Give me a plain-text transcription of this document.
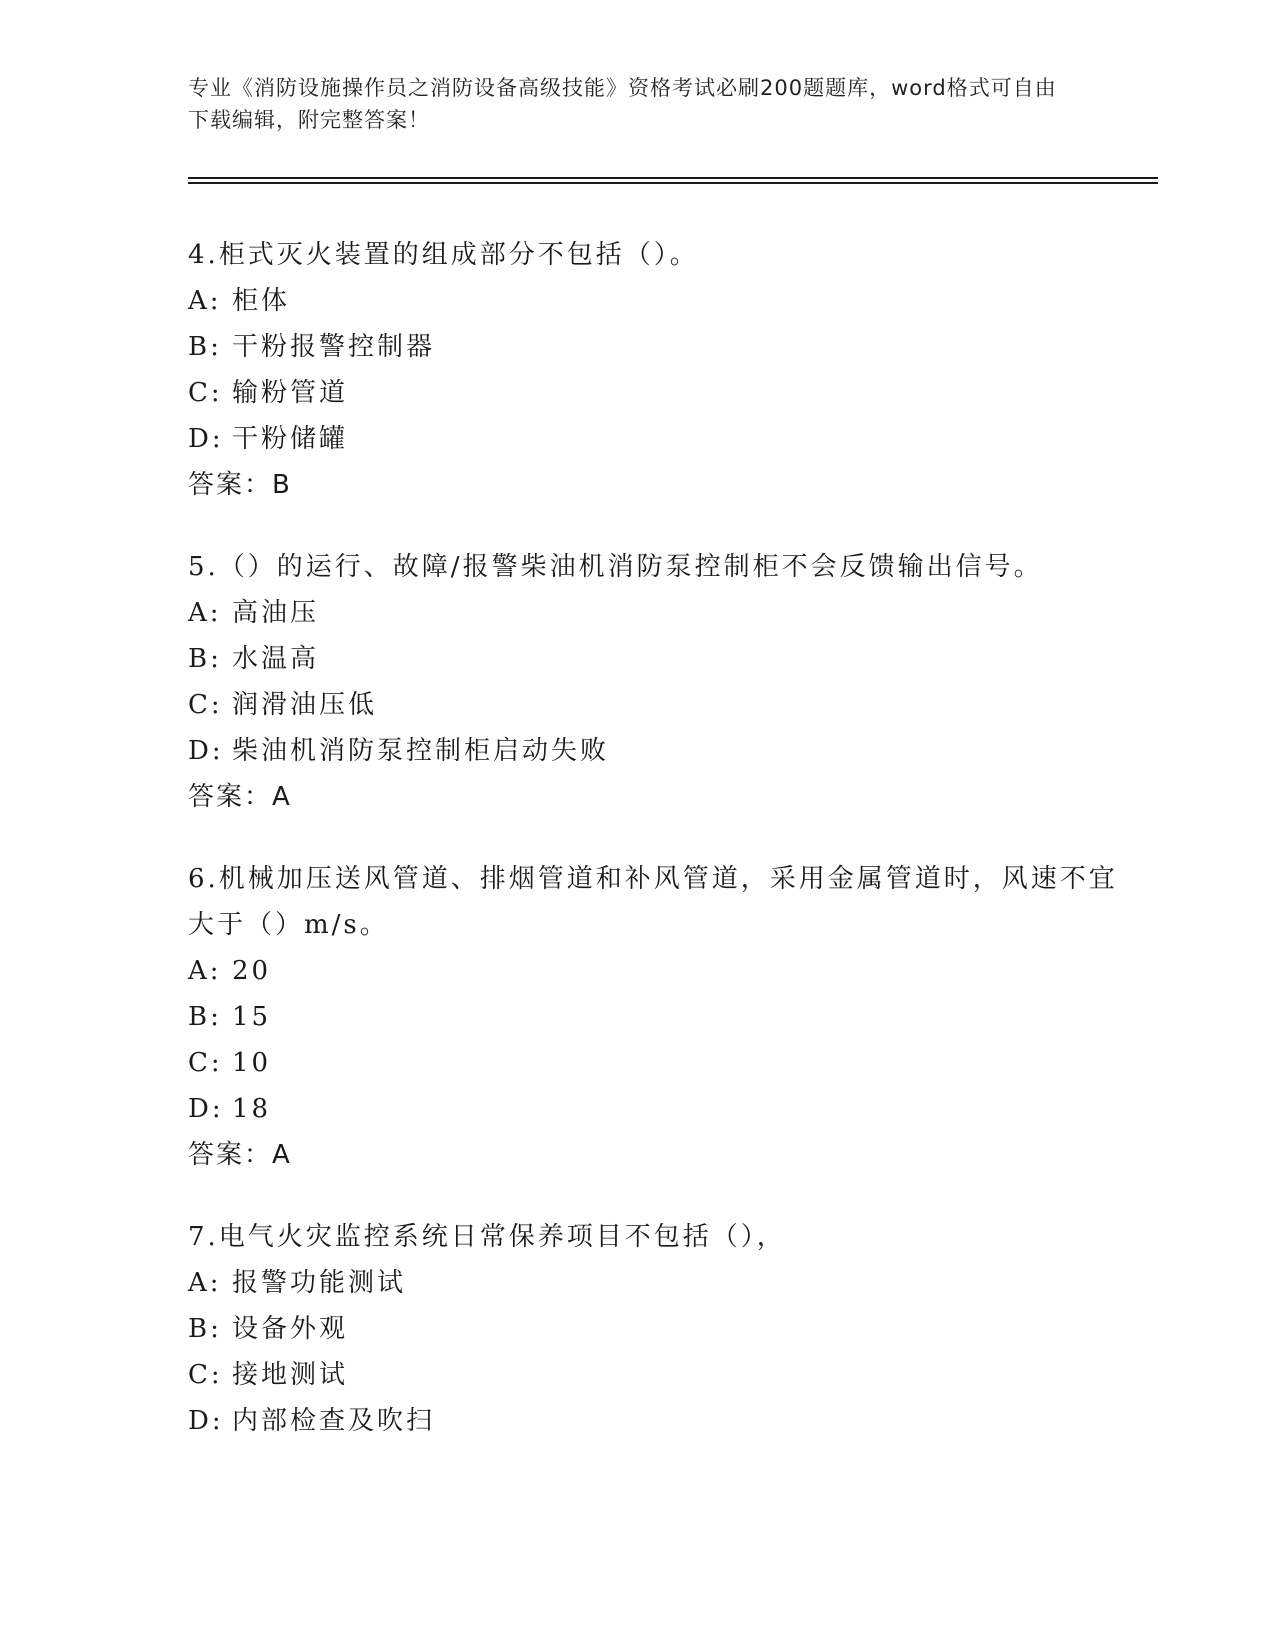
专业《消防设施操作员之消防设备高级技能》资格考试必刷200题题库，word格式可自由下载编辑，附完整答案！

4.柜式灭火装置的组成部分不包括（）。

A: 柜体

B: 干粉报警控制器

C: 输粉管道

D: 干粉储罐

答案：B

5.（）的运行、故障/报警柴油机消防泵控制柜不会反馈输出信号。

A: 高油压

B: 水温高

C: 润滑油压低

D: 柴油机消防泵控制柜启动失败

答案：A

6.机械加压送风管道、排烟管道和补风管道，采用金属管道时，风速不宜大于（）m/s。

A: 20

B: 15

C: 10

D: 18

答案：A

7.电气火灾监控系统日常保养项目不包括（），

A: 报警功能测试

B: 设备外观

C: 接地测试

D: 内部检查及吹扫
